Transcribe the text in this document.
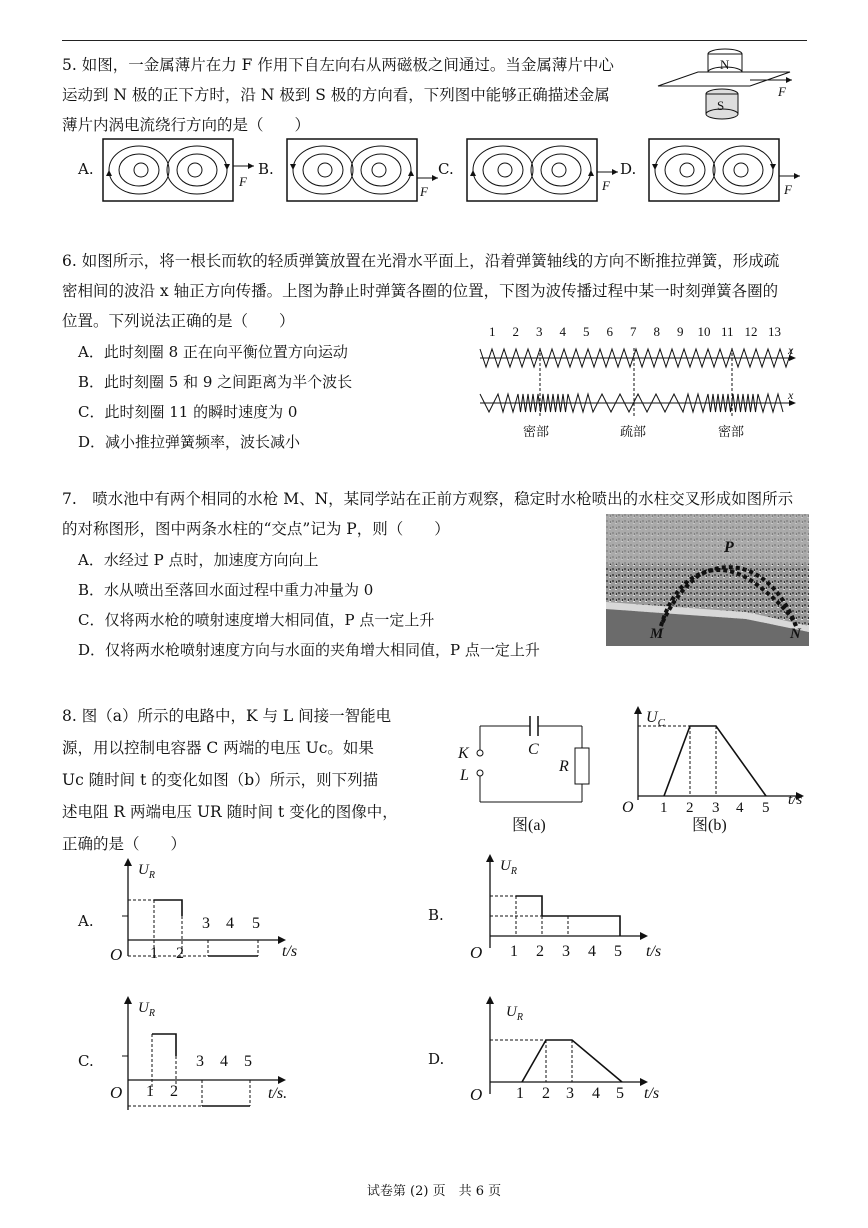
5. 如图，一金属薄片在力 F 作用下自左向右从两磁极之间通过。当金属薄片中心
运动到 N 极的正下方时，沿 N 极到 S 极的方向看，下列图中能够正确描述金属
薄片内涡电流绕行方向的是（　　）
N
F
S
A.	B.	C.	D.
F
F	F	F
6. 如图所示，将一根长而软的轻质弹簧放置在光滑水平面上，沿着弹簧轴线的方向不断推拉弹簧，形成疏
密相间的波沿 x 轴正方向传播。上图为静止时弹簧各圈的位置，下图为波传播过程中某一时刻弹簧各圈的
位置。下列说法正确的是（　　）
A．此时刻圈 8 正在向平衡位置方向运动
B．此时刻圈 5 和 9 之间距离为半个波长
C．此时刻圈 11 的瞬时速度为 0
D．减小推拉弹簧频率，波长减小
1 2 3 4 5 6 7 8 9 10 11 12 13
x
x
密部	疏部	密部
7.　喷水池中有两个相同的水枪 M、N，某同学站在正前方观察，稳定时水枪喷出的水柱交叉形成如图所示
的对称图形，图中两条水柱的“交点”记为 P，则（　　）
A．水经过 P 点时，加速度方向向上
B．水从喷出至落回水面过程中重力冲量为 0
C．仅将两水枪的喷射速度增大相同值，P 点一定上升
D．仅将两水枪喷射速度方向与水面的夹角增大相同值，P 点一定上升
P
M	N
8. 图（a）所示的电路中，K 与 L 间接一智能电
源，用以控制电容器 C 两端的电压 Uc。如果
Uc 随时间 t 的变化如图（b）所示，则下列描
述电阻 R 两端电压 UR 随时间 t 变化的图像中，
正确的是（　　）
K
L
C
R
图(a)
$U_C$
O 1 2 3 4 5 t/s
图(b)
A.	B.
C.	D.
$U_R$
O 1 2
3 4 5
t/s
$U_R$
O 1 2 3 4 5 t/s
$U_R$
O 1 2
3 4 5
t/s.
$U_R$
O 1 2 3 4 5 t/s
试卷第 (2) 页　共 6 页
